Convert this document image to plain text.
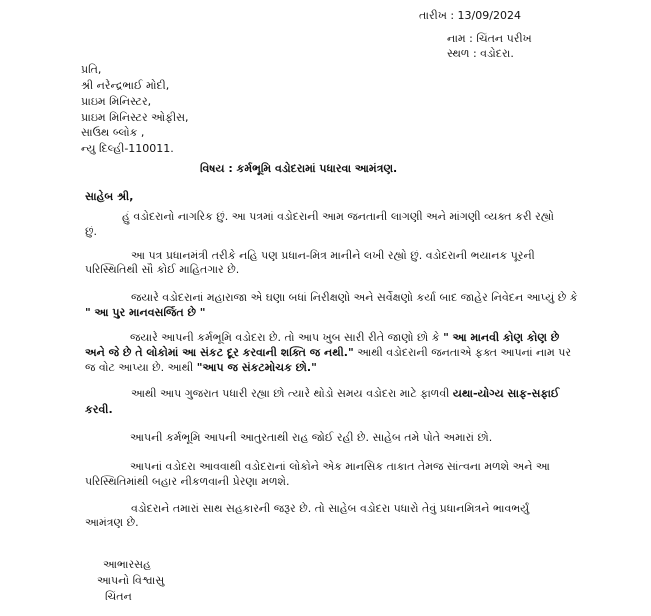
તારીખ : 13/09/2024
નામ : ચિંતન પરીખ
સ્થળ : વડોદરા.
પ્રતિ,
શ્રી નરેન્દ્રભાઈ મોદી,
પ્રાઇમ મિનિસ્ટર,
પ્રાઇમ મિનિસ્ટર ઓફીસ,
સાઉથ બ્લોક ,
ન્યુ દિલ્હી-110011.
વિષય : કર્મભૂમિ વડોદરામાં પધારવા આમંત્રણ.
સાહેબ શ્રી,
હું વડોદરાનો નાગરિક છું. આ પત્રમાં વડોદરાની આમ જનતાની લાગણી અને માંગણી વ્યક્ત કરી રહ્યો
છું.
આ પત્ર પ્રધાનમંત્રી તરીકે નહિ પણ પ્રધાન-મિત્ર માનીને લખી રહ્યો છું. વડોદરાની ભયાનક પૂરની
પરિસ્થિતિથી સૌ કોઈ માહિતગાર છે.
જયારે વડોદરાનાં મહારાજા એ ઘણા બધાં નિરીક્ષણો અને સર્વેક્ષણો કર્યા બાદ જાહેર નિવેદન આપ્યું છે કે
" આ પુર માનવસર્જિત છે "
જયારે આપની કર્મભૂમિ વડોદરા છે. તો આપ ખુબ સારી રીતે જાણો છો કે " આ માનવી કોણ કોણ છે
અને જે છે તે લોકોમાં આ સંકટ દૂર કરવાની શક્તિ જ નથી." આથી વડોદરાની જનતાએ ફક્ત આપનાં નામ પર
જ વોટ આપ્યા છે. આથી "આપ જ સંકટમોચક છો."
આથી આપ ગુજરાત પધારી રહ્યા છો ત્યારે થોડો સમય વડોદરા માટે ફાળવી યથા-યોગ્ય સાફ-સફાઈ
કરવી.
આપની કર્મભૂમિ આપની આતુરતાથી રાહ જોઈ રહી છે. સાહેબ તમે પોતે અમારાં છો.
આપનાં વડોદરા આવવાથી વડોદરાનાં લોકોને એક માનસિક તાકાત તેમજ સાંત્વના મળશે અને આ
પરિસ્થિતિમાંથી બહાર નીકળવાની પ્રેરણા મળશે.
વડોદરાને તમારાં સાથ સહકારની જરૂર છે. તો સાહેબ વડોદરા પધારો તેવું પ્રધાનમિત્રને ભાવભર્યું
આમંત્રણ છે.
આભારસહ
આપનો વિશ્વાસુ
ચિંતન
